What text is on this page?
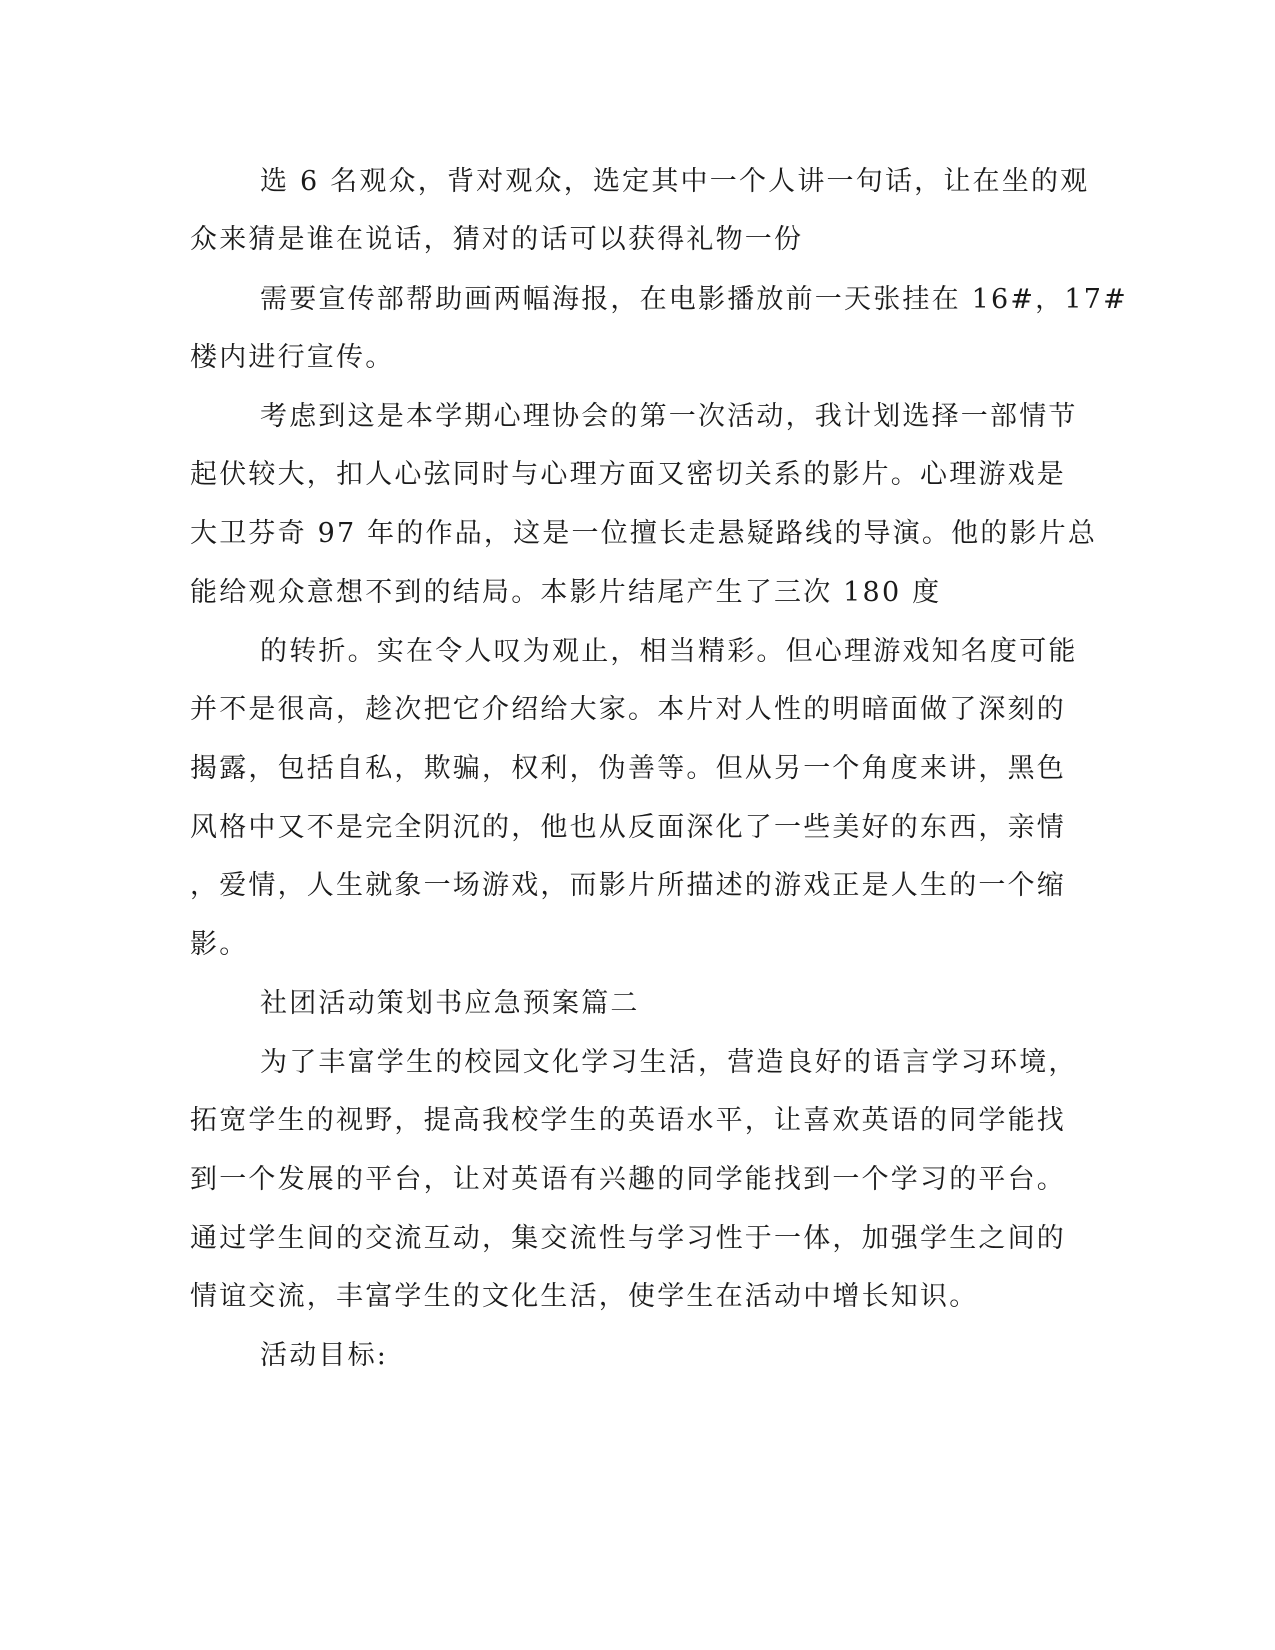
选 6 名观众，背对观众，选定其中一个人讲一句话，让在坐的观

众来猜是谁在说话，猜对的话可以获得礼物一份

需要宣传部帮助画两幅海报，在电影播放前一天张挂在 16#，17#

楼内进行宣传。

考虑到这是本学期心理协会的第一次活动，我计划选择一部情节

起伏较大，扣人心弦同时与心理方面又密切关系的影片。心理游戏是

大卫芬奇 97 年的作品，这是一位擅长走悬疑路线的导演。他的影片总

能给观众意想不到的结局。本影片结尾产生了三次 180 度

的转折。实在令人叹为观止，相当精彩。但心理游戏知名度可能

并不是很高，趁次把它介绍给大家。本片对人性的明暗面做了深刻的

揭露，包括自私，欺骗，权利，伪善等。但从另一个角度来讲，黑色

风格中又不是完全阴沉的，他也从反面深化了一些美好的东西，亲情

，爱情，人生就象一场游戏，而影片所描述的游戏正是人生的一个缩

影。

社团活动策划书应急预案篇二

为了丰富学生的校园文化学习生活，营造良好的语言学习环境，

拓宽学生的视野，提高我校学生的英语水平，让喜欢英语的同学能找

到一个发展的平台，让对英语有兴趣的同学能找到一个学习的平台。

通过学生间的交流互动，集交流性与学习性于一体，加强学生之间的

情谊交流，丰富学生的文化生活，使学生在活动中增长知识。

活动目标:
